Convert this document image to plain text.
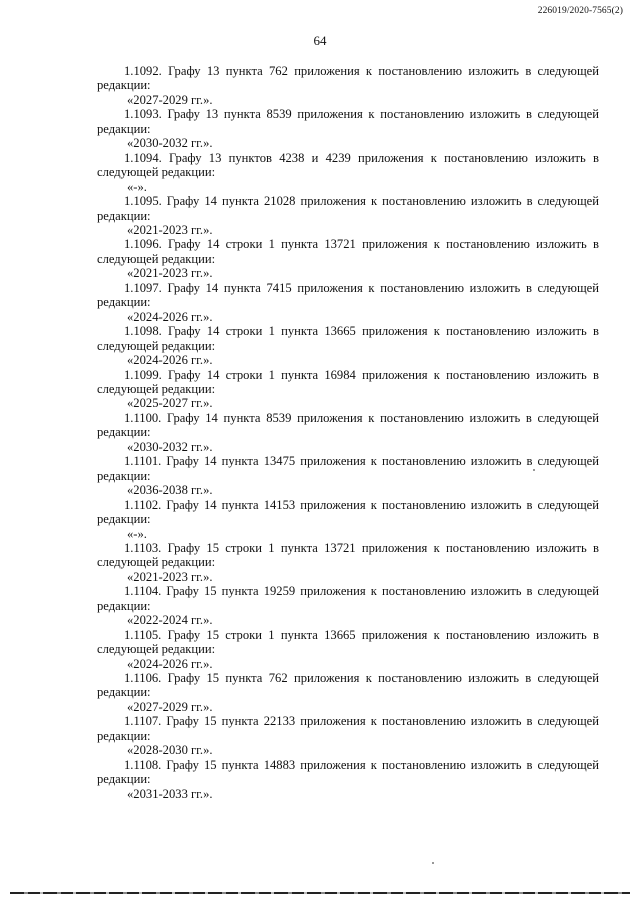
226019/2020-7565(2)
64

1.1092. Графу 13 пункта 762 приложения к постановлению изложить в следующей редакции:

«2027-2029 гг.».

1.1093. Графу 13 пункта 8539 приложения к постановлению изложить в следующей редакции:

«2030-2032 гг.».

1.1094. Графу 13 пунктов 4238 и 4239 приложения к постановлению изложить в следующей редакции:

«-».

1.1095. Графу 14 пункта 21028 приложения к постановлению изложить в следующей редакции:

«2021-2023 гг.».

1.1096. Графу 14 строки 1 пункта 13721 приложения к постановлению изложить в следующей редакции:

«2021-2023 гг.».

1.1097. Графу 14 пункта 7415 приложения к постановлению изложить в следующей редакции:

«2024-2026 гг.».

1.1098. Графу 14 строки 1 пункта 13665 приложения к постановлению изложить в следующей редакции:

«2024-2026 гг.».

1.1099. Графу 14 строки 1 пункта 16984 приложения к постановлению изложить в следующей редакции:

«2025-2027 гг.».

1.1100. Графу 14 пункта 8539 приложения к постановлению изложить в следующей редакции:

«2030-2032 гг.».

1.1101. Графу 14 пункта 13475 приложения к постановлению изложить в следующей редакции:

«2036-2038 гг.».

1.1102. Графу 14 пункта 14153 приложения к постановлению изложить в следующей редакции:

«-».

1.1103. Графу 15 строки 1 пункта 13721 приложения к постановлению изложить в следующей редакции:

«2021-2023 гг.».

1.1104. Графу 15 пункта 19259 приложения к постановлению изложить в следующей редакции:

«2022-2024 гг.».

1.1105. Графу 15 строки 1 пункта 13665 приложения к постановлению изложить в следующей редакции:

«2024-2026 гг.».

1.1106. Графу 15 пункта 762 приложения к постановлению изложить в следующей редакции:

«2027-2029 гг.».

1.1107. Графу 15 пункта 22133 приложения к постановлению изложить в следующей редакции:

«2028-2030 гг.».

1.1108. Графу 15 пункта 14883 приложения к постановлению изложить в следующей редакции:

«2031-2033 гг.».
